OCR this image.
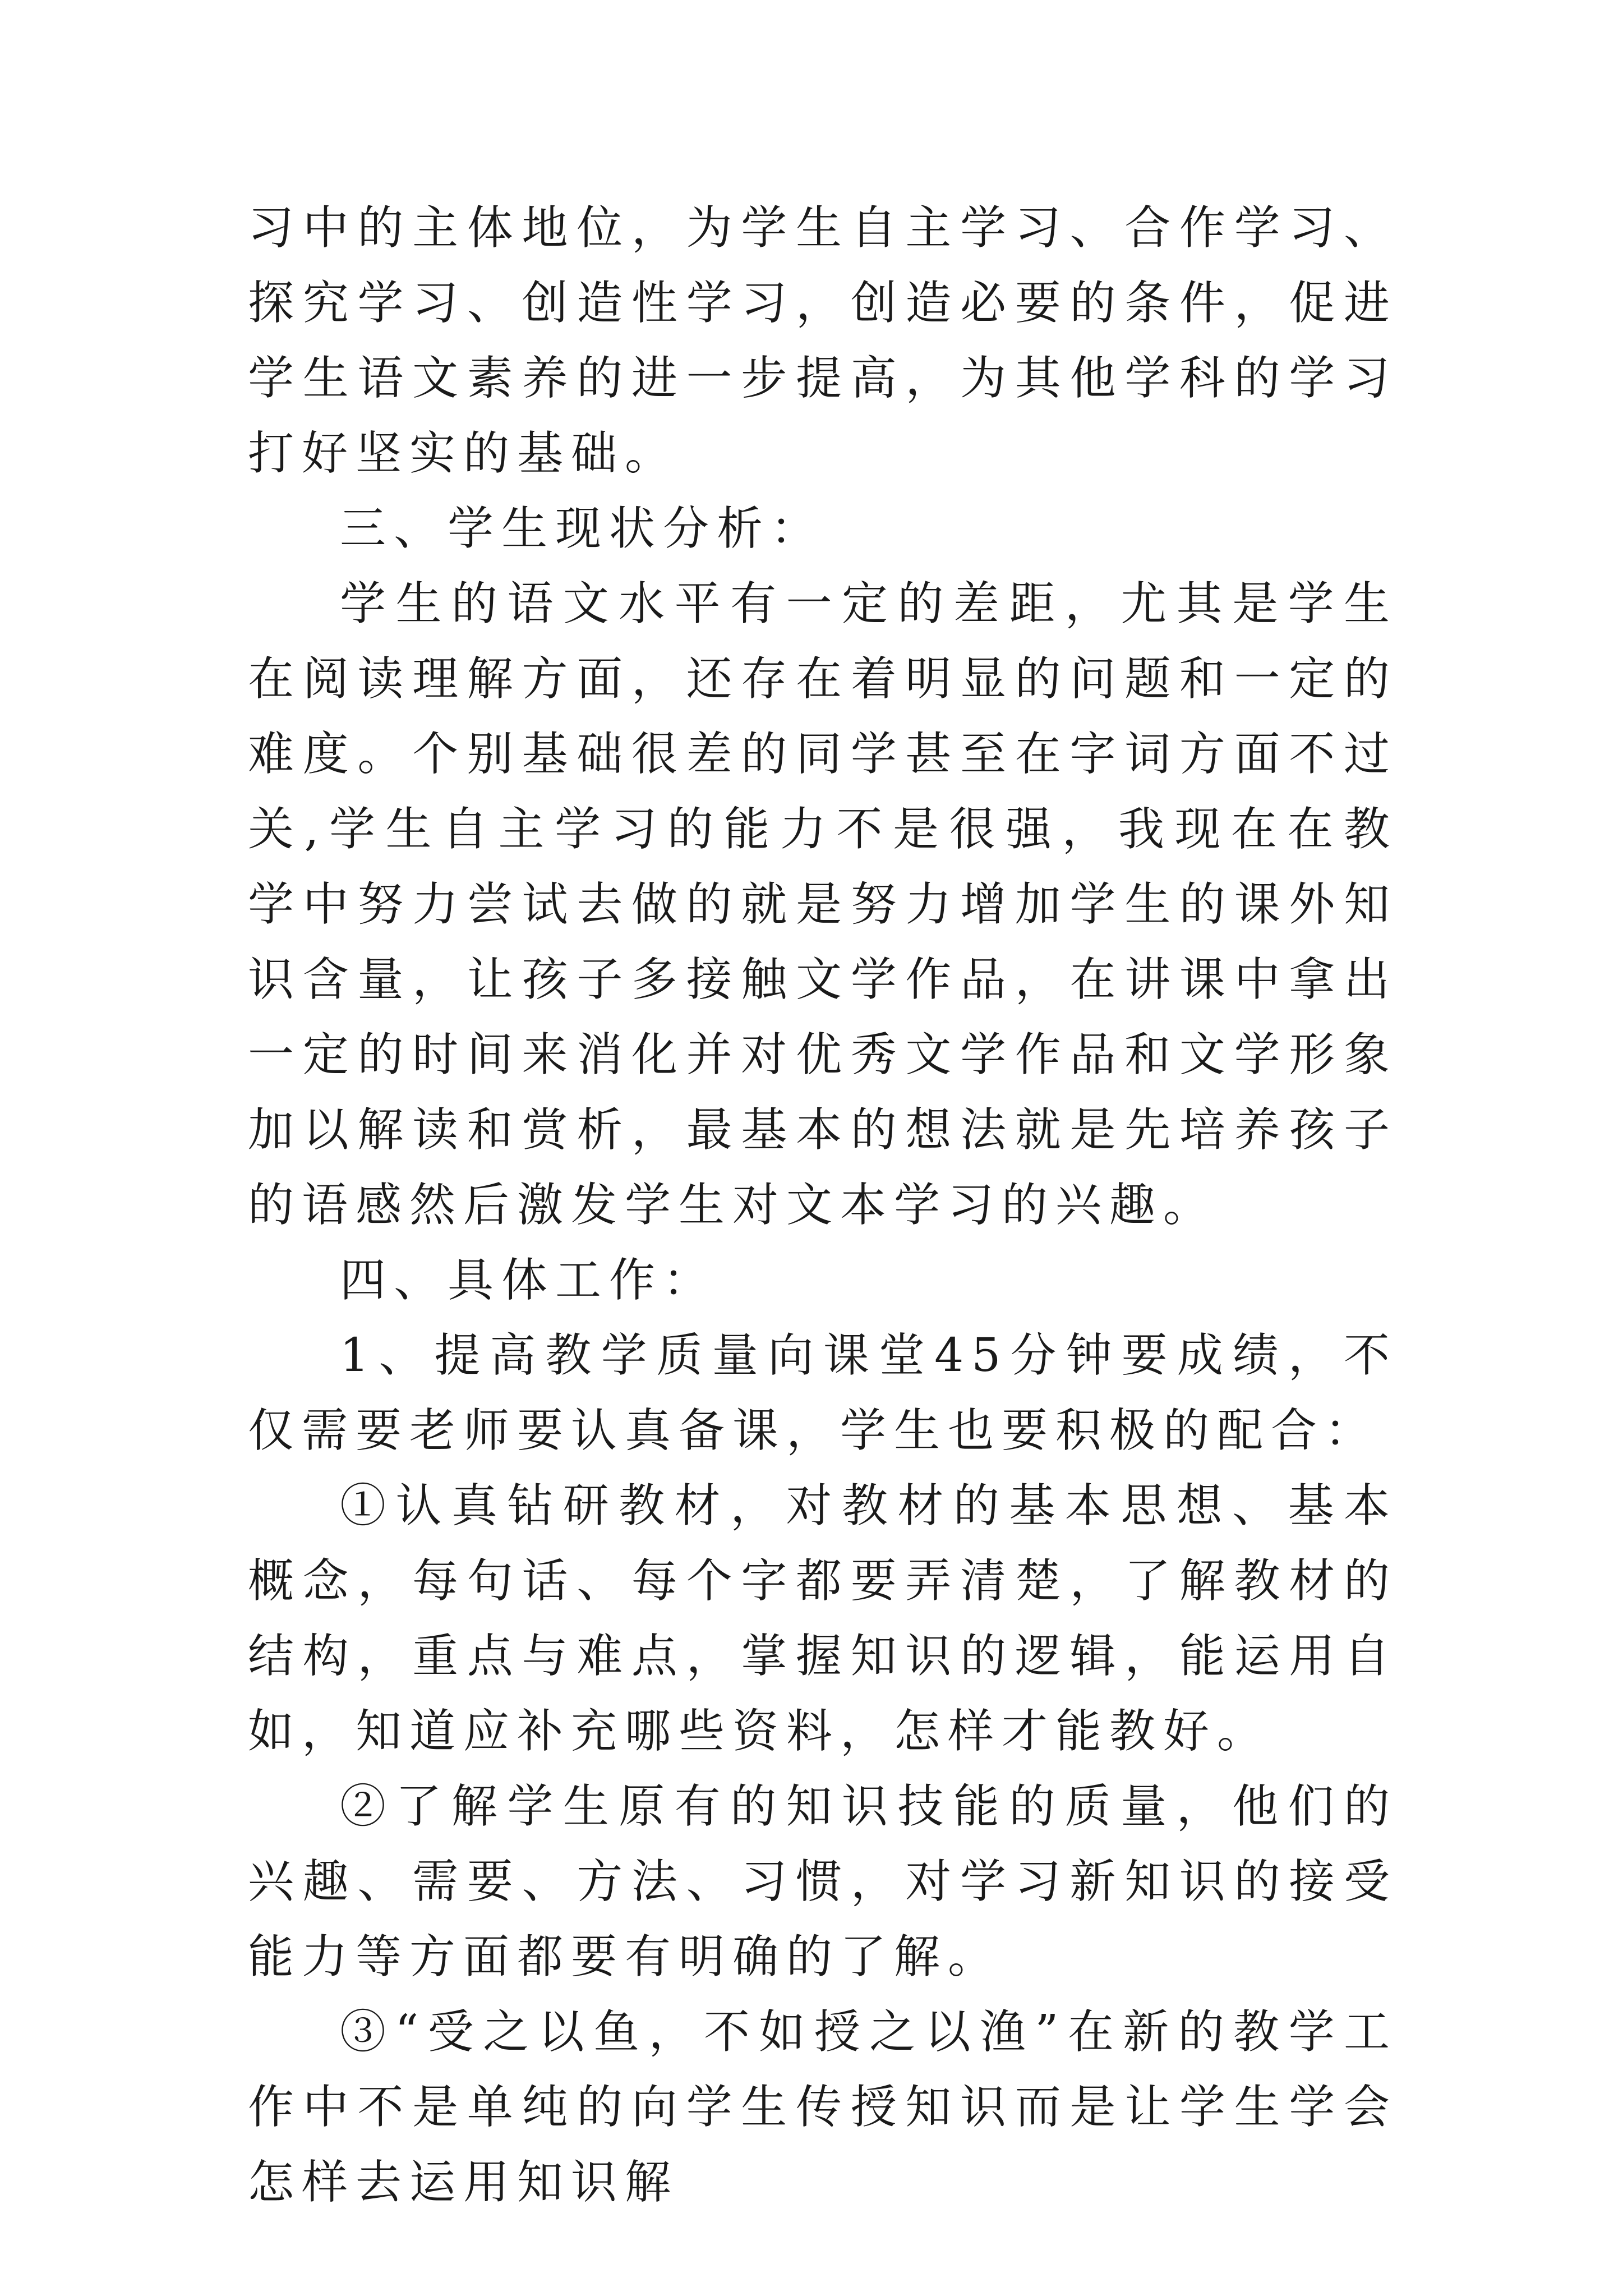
习中的主体地位，为学生自主学习、合作学习、探究学习、创造性学习，创造必要的条件，促进学生语文素养的进一步提高，为其他学科的学习打好坚实的基础。

三、学生现状分析：

学生的语文水平有一定的差距，尤其是学生在阅读理解方面，还存在着明显的问题和一定的难度。个别基础很差的同学甚至在字词方面不过关,学生自主学习的能力不是很强，我现在在教学中努力尝试去做的就是努力增加学生的课外知识含量，让孩子多接触文学作品，在讲课中拿出一定的时间来消化并对优秀文学作品和文学形象加以解读和赏析，最基本的想法就是先培养孩子的语感然后激发学生对文本学习的兴趣。

四、具体工作：

1、提高教学质量向课堂45分钟要成绩，不仅需要老师要认真备课，学生也要积极的配合：

①认真钻研教材，对教材的基本思想、基本概念，每句话、每个字都要弄清楚，了解教材的结构，重点与难点，掌握知识的逻辑，能运用自如，知道应补充哪些资料，怎样才能教好。

②了解学生原有的知识技能的质量，他们的兴趣、需要、方法、习惯，对学习新知识的接受能力等方面都要有明确的了解。

③“受之以鱼，不如授之以渔”在新的教学工作中不是单纯的向学生传授知识而是让学生学会怎样去运用知识解
